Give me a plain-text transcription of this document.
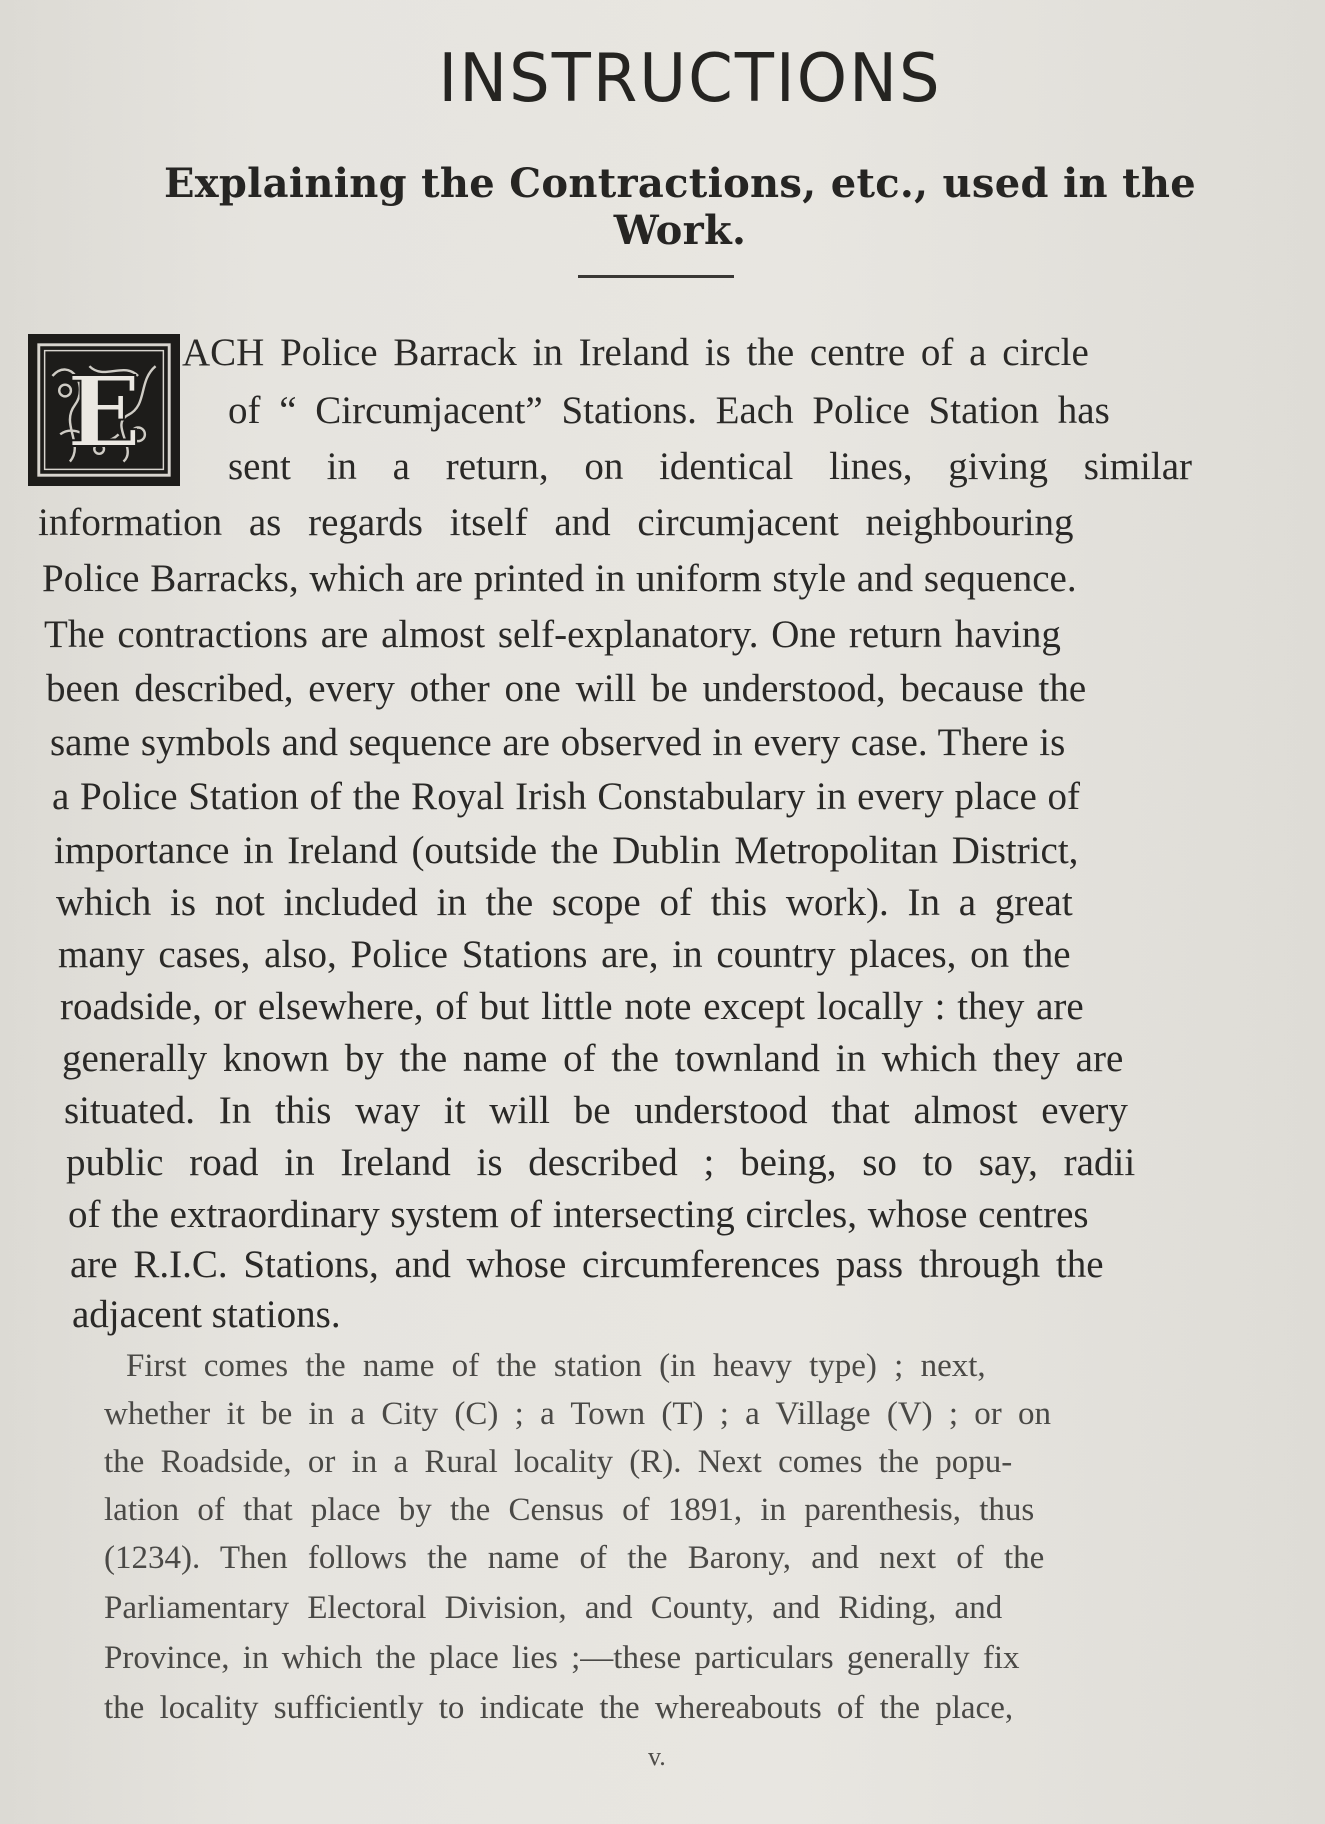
INSTRUCTIONS
Explaining the Contractions, etc., used in the Work.
E
ACH Police Barrack in Ireland is the centre of a circle
of “ Circumjacent” Stations. Each Police Station has
sent in a return, on identical lines, giving similar
information as regards itself and circumjacent neighbouring
Police Barracks, which are printed in uniform style and sequence.
The contractions are almost self-explanatory. One return having
been described, every other one will be understood, because the
same symbols and sequence are observed in every case. There is
a Police Station of the Royal Irish Constabulary in every place of
importance in Ireland (outside the Dublin Metropolitan District,
which is not included in the scope of this work). In a great
many cases, also, Police Stations are, in country places, on the
roadside, or elsewhere, of but little note except locally : they are
generally known by the name of the townland in which they are
situated. In this way it will be understood that almost every
public road in Ireland is described ; being, so to say, radii
of the extraordinary system of intersecting circles, whose centres
are R.I.C. Stations, and whose circumferences pass through the
adjacent stations.
First comes the name of the station (in heavy type) ; next,
whether it be in a City (C) ; a Town (T) ; a Village (V) ; or on
the Roadside, or in a Rural locality (R). Next comes the popu-
lation of that place by the Census of 1891, in parenthesis, thus
(1234). Then follows the name of the Barony, and next of the
Parliamentary Electoral Division, and County, and Riding, and
Province, in which the place lies ;—these particulars generally fix
the locality sufficiently to indicate the whereabouts of the place,
v.
